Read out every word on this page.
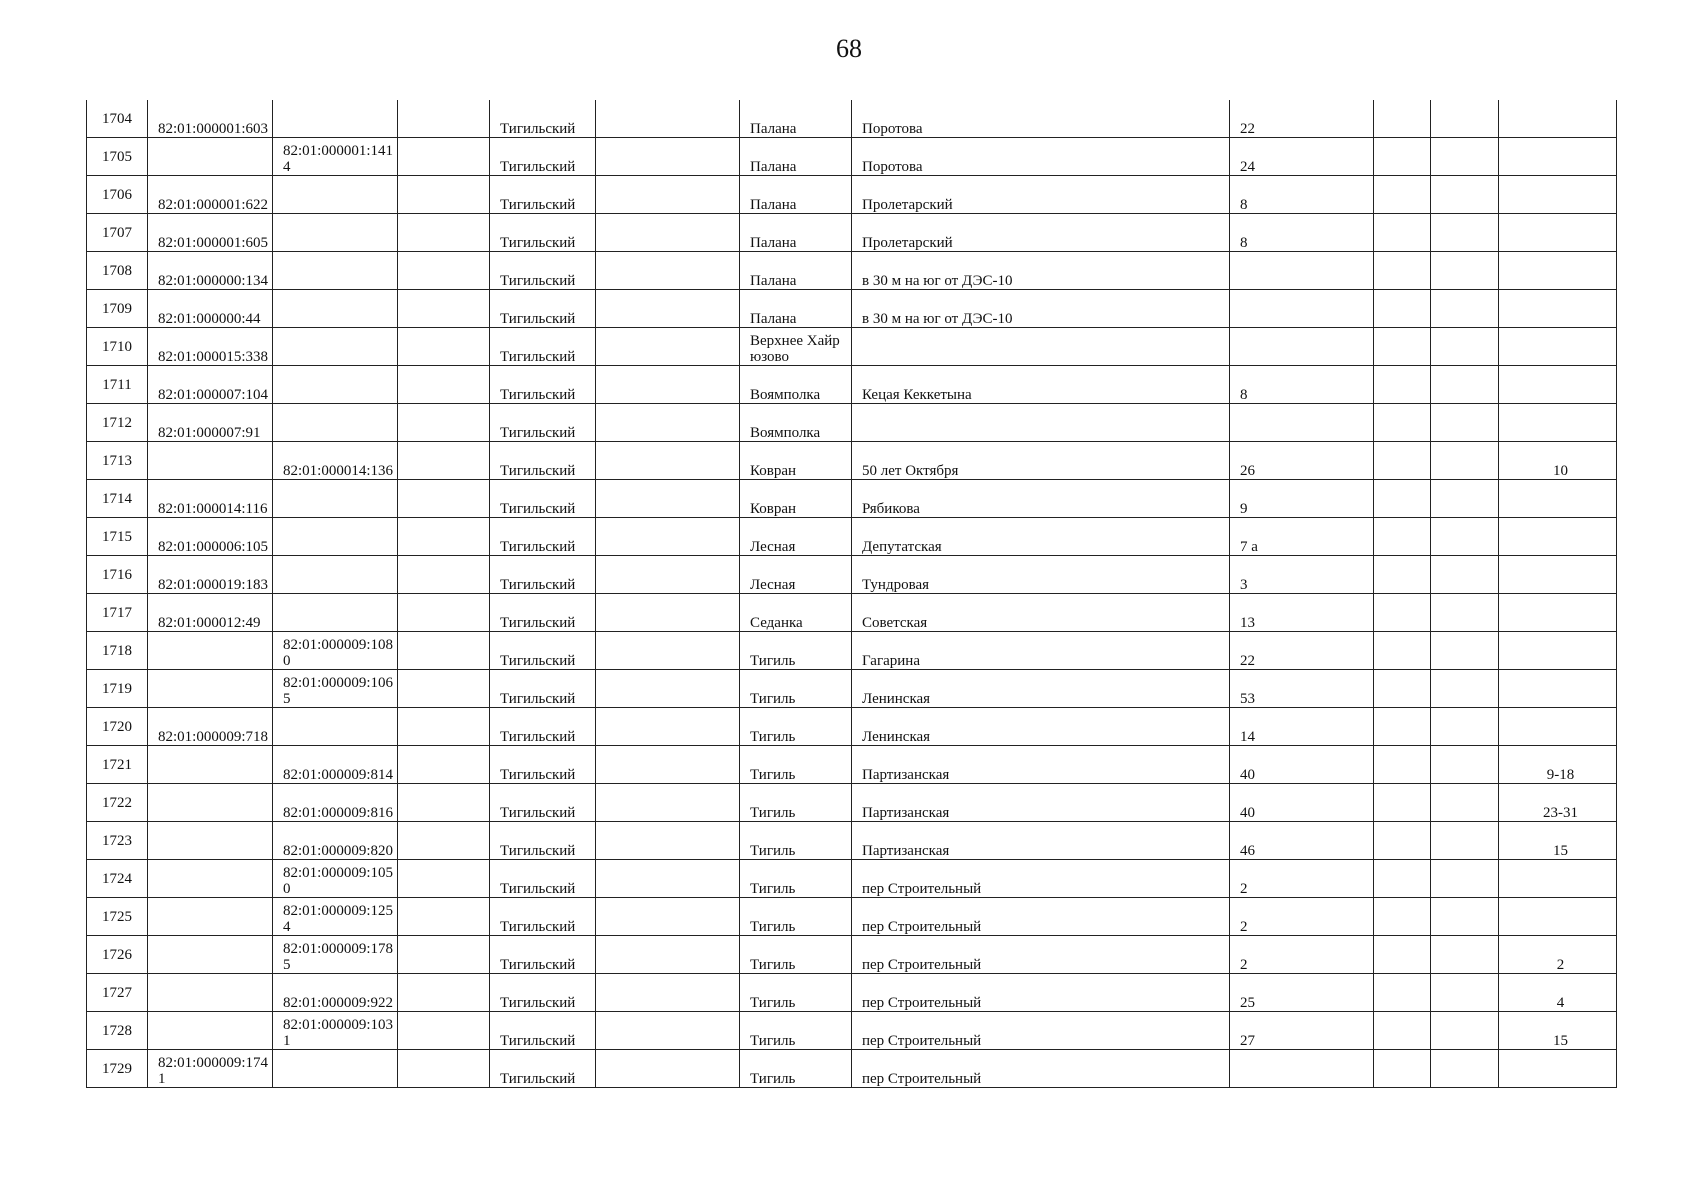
68
1704	82:01:000001:603			Тигильский		Палана	Поротова	22			
1705		82:01:000001:1414		Тигильский		Палана	Поротова	24			
1706	82:01:000001:622			Тигильский		Палана	Пролетарский	8			
1707	82:01:000001:605			Тигильский		Палана	Пролетарский	8			
1708	82:01:000000:134			Тигильский		Палана	в 30 м на юг от ДЭС-10				
1709	82:01:000000:44			Тигильский		Палана	в 30 м на юг от ДЭС-10				
1710	82:01:000015:338			Тигильский		Верхнее Хайрюзово					
1711	82:01:000007:104			Тигильский		Воямполка	Кецая Кеккетына	8			
1712	82:01:000007:91			Тигильский		Воямполка					
1713		82:01:000014:136		Тигильский		Ковран	50 лет Октября	26			10
1714	82:01:000014:116			Тигильский		Ковран	Рябикова	9			
1715	82:01:000006:105			Тигильский		Лесная	Депутатская	7 а			
1716	82:01:000019:183			Тигильский		Лесная	Тундровая	3			
1717	82:01:000012:49			Тигильский		Седанка	Советская	13			
1718		82:01:000009:1080		Тигильский		Тигиль	Гагарина	22			
1719		82:01:000009:1065		Тигильский		Тигиль	Ленинская	53			
1720	82:01:000009:718			Тигильский		Тигиль	Ленинская	14			
1721		82:01:000009:814		Тигильский		Тигиль	Партизанская	40			9-18
1722		82:01:000009:816		Тигильский		Тигиль	Партизанская	40			23-31
1723		82:01:000009:820		Тигильский		Тигиль	Партизанская	46			15
1724		82:01:000009:1050		Тигильский		Тигиль	пер Строительный	2			
1725		82:01:000009:1254		Тигильский		Тигиль	пер Строительный	2			
1726		82:01:000009:1785		Тигильский		Тигиль	пер Строительный	2			2
1727		82:01:000009:922		Тигильский		Тигиль	пер Строительный	25			4
1728		82:01:000009:1031		Тигильский		Тигиль	пер Строительный	27			15
1729	82:01:000009:1741			Тигильский		Тигиль	пер Строительный				
